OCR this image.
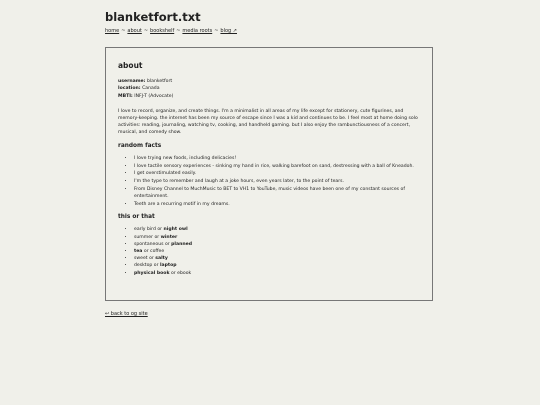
blanketfort.txt
home ~ about ~ bookshelf ~ media roots ~ blog ↗
about
username: blanketfort
location: Canada
MBTI: INFJ-T (Advocate)

I love to record, organize, and create things. I'm a minimalist in all areas of my life except for stationery, cute figurines, and memory-keeping. the internet has been my source of escape since I was a kid and continues to be. I feel most at home doing solo activities: reading, journaling, watching tv, cooking, and handheld gaming. but I also enjoy the rambunctiousness of a concert, musical, and comedy show.

random facts
• I love trying new foods, including delicacies!
• I love tactile sensory experiences - sinking my hand in rice, walking barefoot on sand, destressing with a ball of Kneadoh.
• I get overstimulated easily.
• I'm the type to remember and laugh at a joke hours, even years later, to the point of tears.
• From Disney Channel to MuchMusic to BET to VH1 to YouTube, music videos have been one of my constant sources of entertainment.
• Teeth are a recurring motif in my dreams.
this or that
• early bird or night owl
• summer or winter
• spontaneous or planned
• tea or coffee
• sweet or salty
• desktop or laptop
• physical book or ebook
↩ back to og site
